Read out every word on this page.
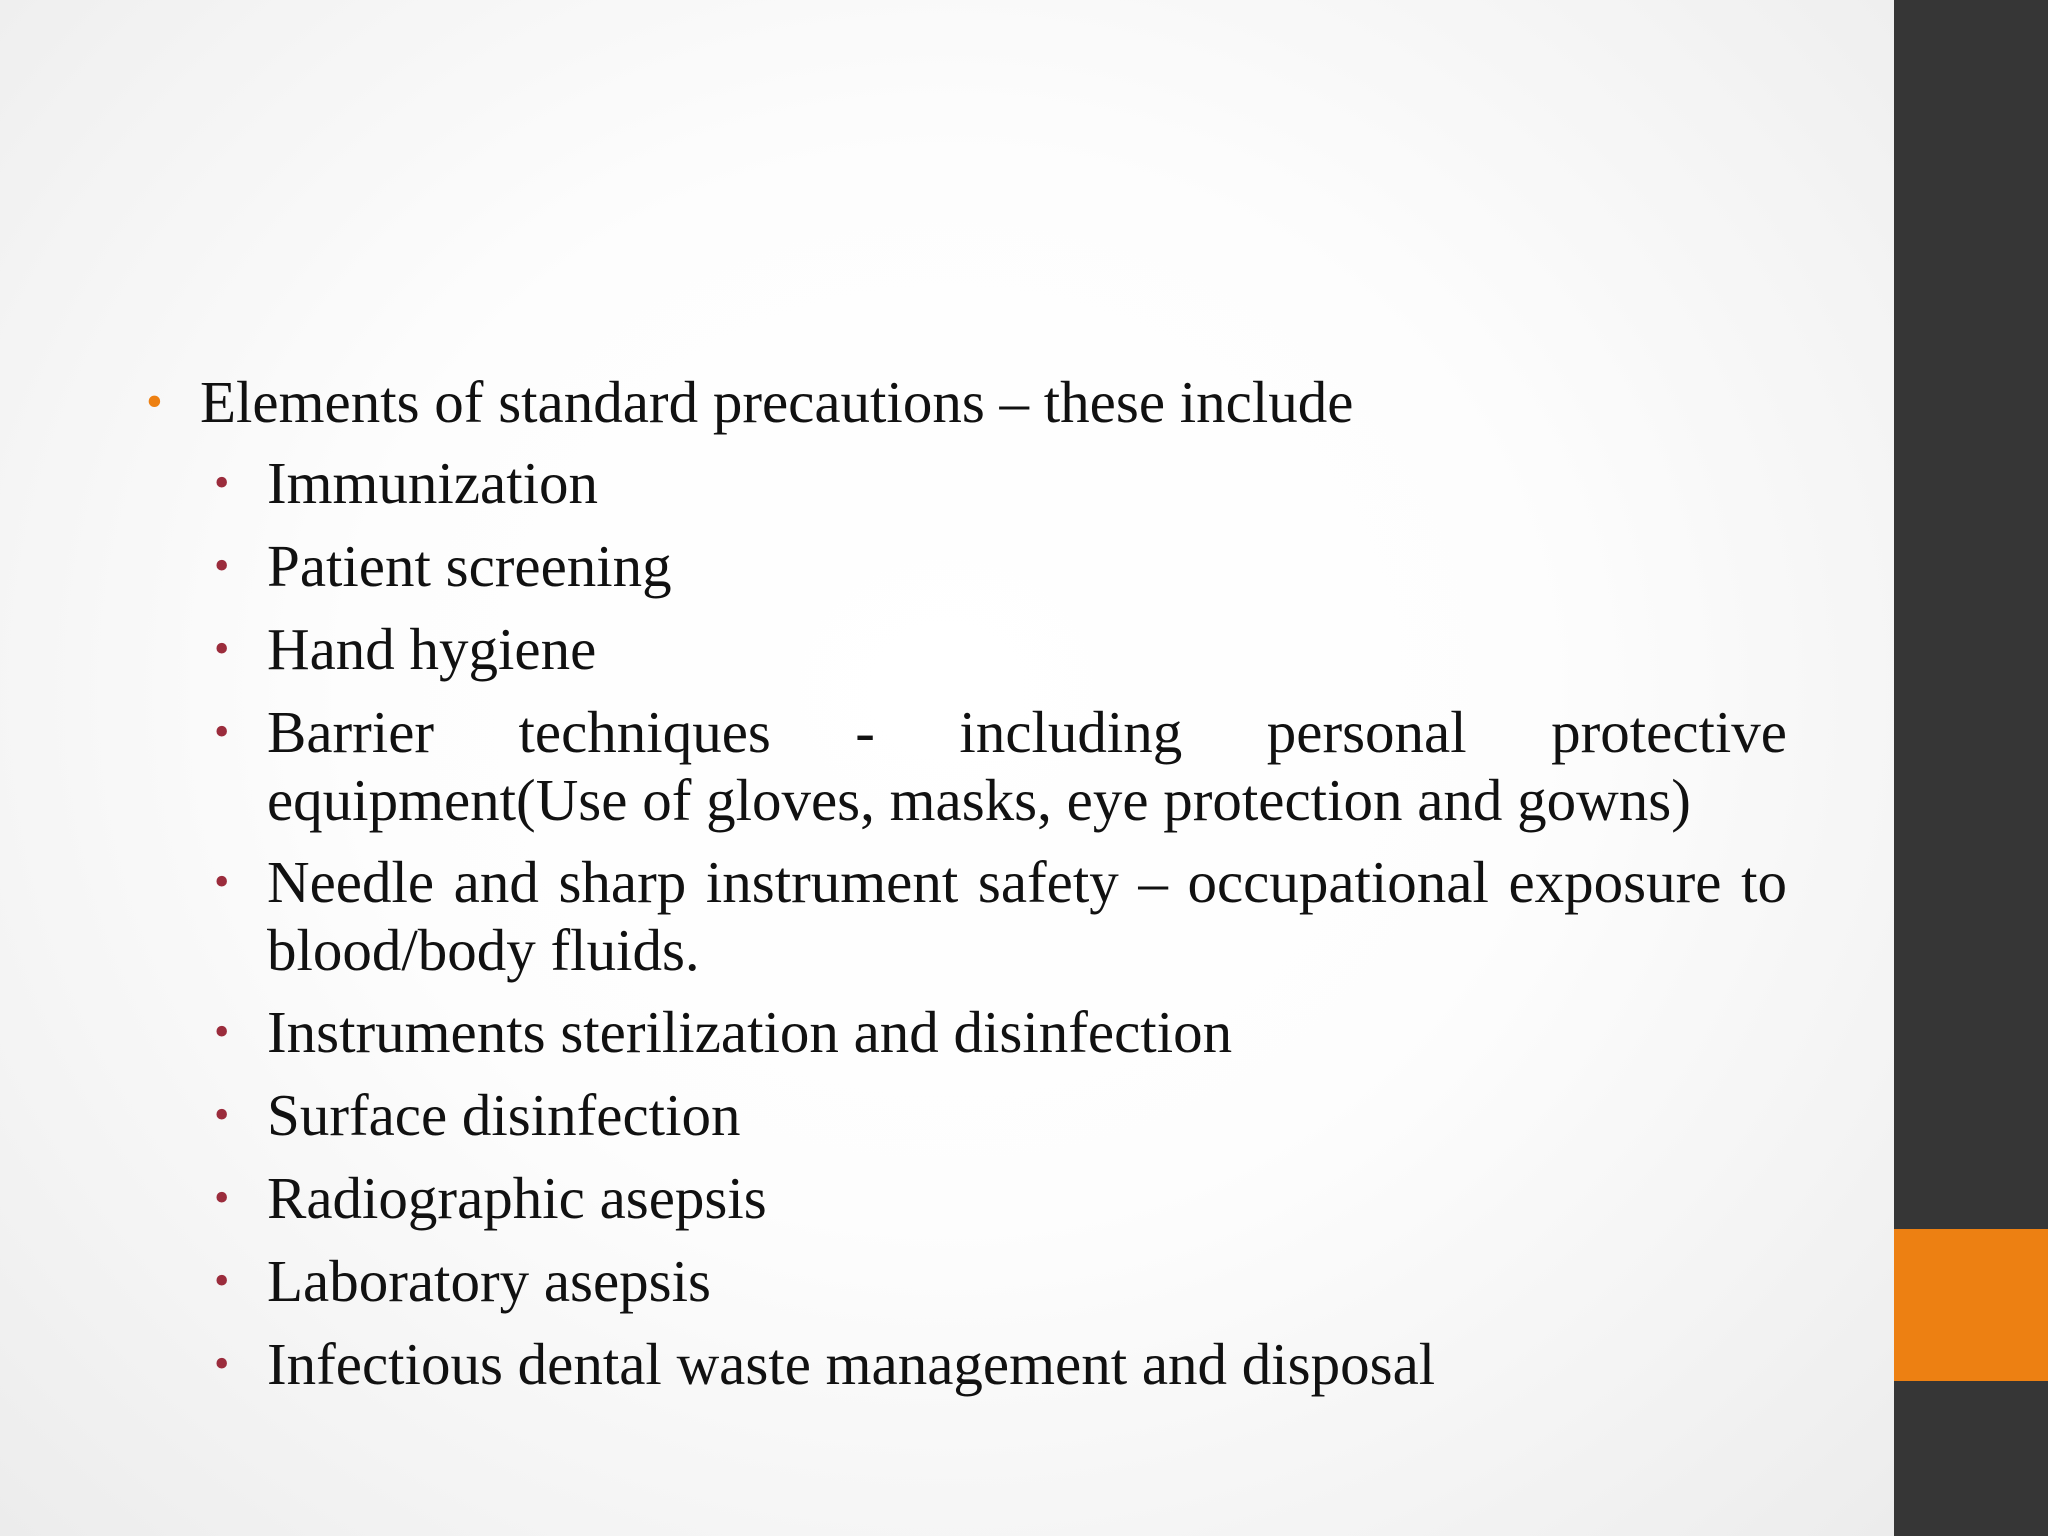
• Elements of standard precautions – these include
• Immunization
• Patient screening
• Hand hygiene
• Barrier techniques - including personal protective equipment(Use of gloves, masks, eye protection and gowns)
• Needle and sharp instrument safety – occupational exposure to blood/body fluids.
• Instruments sterilization and disinfection
• Surface disinfection
• Radiographic asepsis
• Laboratory asepsis
• Infectious dental waste management and disposal
